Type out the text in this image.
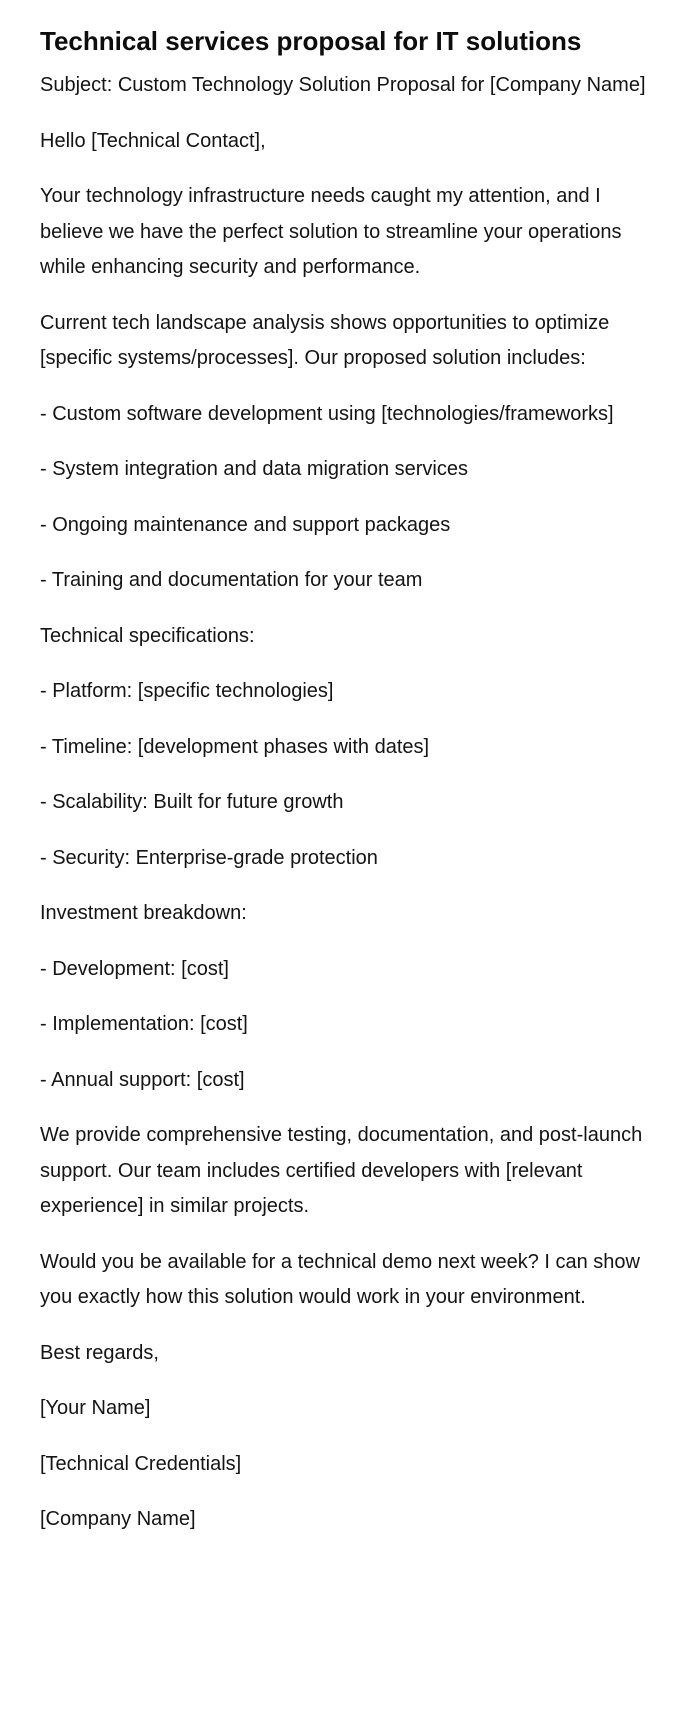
Technical services proposal for IT solutions

Subject: Custom Technology Solution Proposal for [Company Name]

Hello [Technical Contact],

Your technology infrastructure needs caught my attention, and I believe we have the perfect solution to streamline your operations while enhancing security and performance.

Current tech landscape analysis shows opportunities to optimize [specific systems/processes]. Our proposed solution includes:

- Custom software development using [technologies/frameworks]

- System integration and data migration services

- Ongoing maintenance and support packages

- Training and documentation for your team

Technical specifications:

- Platform: [specific technologies]

- Timeline: [development phases with dates]

- Scalability: Built for future growth

- Security: Enterprise-grade protection

Investment breakdown:

- Development: [cost]

- Implementation: [cost]

- Annual support: [cost]

We provide comprehensive testing, documentation, and post-launch support. Our team includes certified developers with [relevant experience] in similar projects.

Would you be available for a technical demo next week? I can show you exactly how this solution would work in your environment.

Best regards,

[Your Name]

[Technical Credentials]

[Company Name]
